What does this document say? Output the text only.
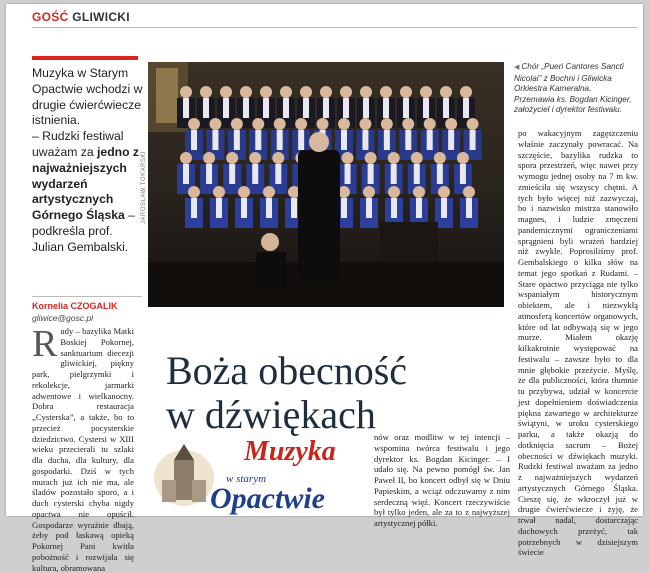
GOŚĆ GLIWICKI

Muzyka w Starym Opactwie wchodzi w drugie ćwierćwiecze istnienia.

– Rudzki festiwal uważam za jedno z najważniejszych wydarzeń artystycznych Górnego Śląska – podkreśla prof. Julian Gembalski.

Kornelia CZOGALIK
gliwice@gosc.pl
JAROSŁAW TOKARSKI
◀ Chór „Pueri Cantores Sancti Nicolai” z Bochni i Gliwicka Orkiestra Kameralna. Przemawia ks. Bogdan Kicinger, założyciel i dyrektor festiwalu.

po wakacyjnym zagęszczeniu właśnie zaczynały powracać. Na szczęście, bazylika rudzka to spora przestrzeń, więc nawet przy wymogu jednej osoby na 7 m kw. zmieściła się wszyscy chętni. A tych było więcej niż zazwyczaj, bo i nazwisko mistrza stanowiło magnes, i ludzie zmęczeni pandemicznymi ograniczeniami sprągnieni byli wrażeń bardziej niż zwykle. Poprosiliśmy prof. Gembalskiego o kilka słów na temat jego spotkań z Rudami. – Stare opactwo przyciąga nie tylko wspaniałym historycznym obiektem, ale i niezwykłą atmosferą koncertów organowych, które od lat odbywają się w jego murze. Miałem okazję kilkakrotnie występować na festiwalu – zawsze było to dla mnie głębokie przeżycie. Myślę, że dla publiczności, która tłumnie tu przybywa, udział w koncercie jest dopełnieniem doświadczenia piękna zawartego w architekturze świątyni, w uroku cysterskiego parku, a także okazją do dotknięcia sacrum – Bożej obecności w dźwiękach muzyki. Rudzki festiwal uważam za jedno z najważniejszych wydarzeń artystycznych Górnego Śląska. Cieszę się, że wkroczył już w drugie ćwierćwiecze i żyję, że trwał nadal, dostarczając duchowych przeżyć, tak potrzebnych w dzisiejszym świecie

Boża obecność
w dźwiękach
R udy – bazylika Matki Boskiej Pokornej, sanktuarium diecezji gliwickiej, piękny park, pielgrzymki i rekolekcje, jarmarki adwentowe i wielkanocny. Dobra restauracja „Cysterska”, a także, bo to przecież pocysterskie dziedzictwo. Cystersi w XIII wieku przecierali tu szlaki dla ducha, dla kultury, dla gospodarki. Dziś w tych murach już ich nie ma, ale śladów pozostało sporo, a i duch cysterski chyba nigdy opactwa nie opuścił. Gospodarze wyraźnie dbają, żeby pod łaskawą opieką Pokornej Pani kwitła pobożność i rozwijała się kultura, obramowana

Muzyka
w starym
Opactwie

nów oraz modlitw w tej intencji – wspomina twórca festiwalu i jego dyrektor ks. Bogdan Kicinger. – I udało się. Na pewno pomógł św. Jan Paweł II, bo koncert odbył się w Dniu Papieskim, a wciąż odczuwamy z nim serdeczną więź. Koncert rzeczywiście był tylko jeden, ale za to z najwyższej artystycznej półki.
